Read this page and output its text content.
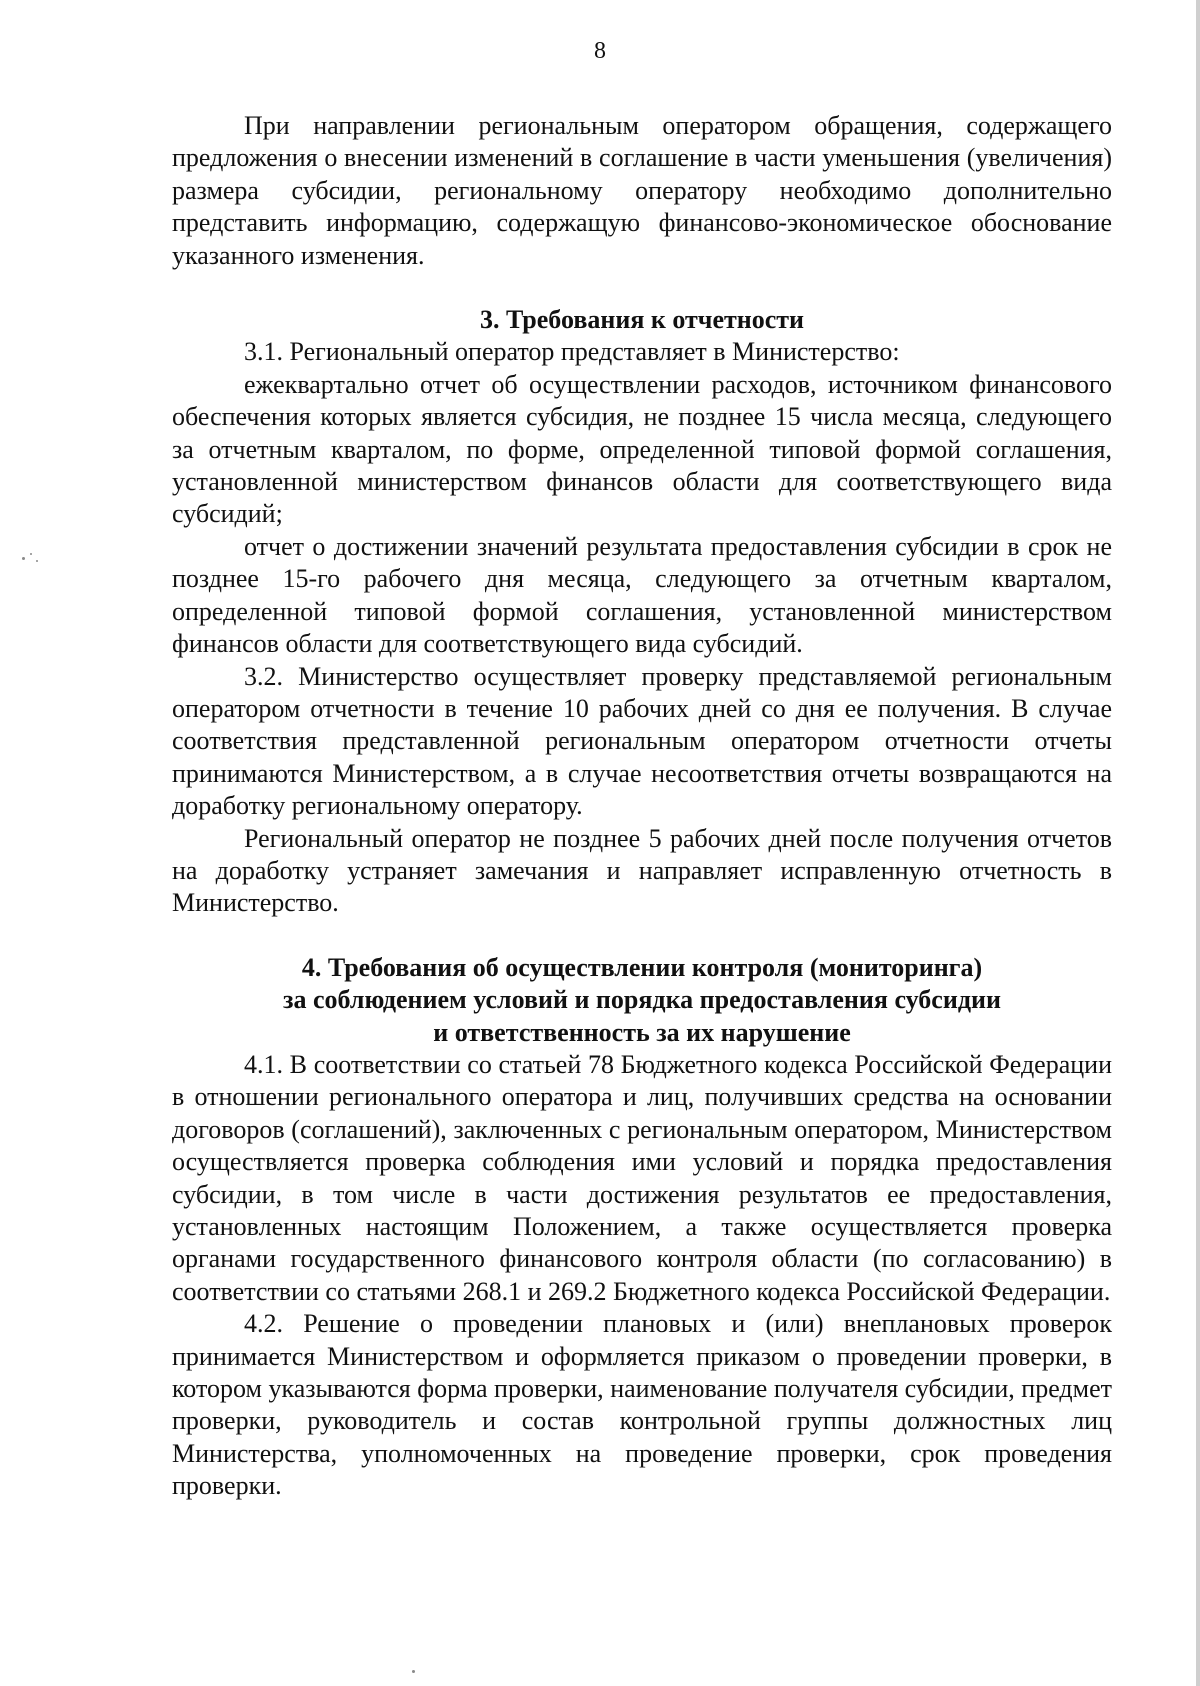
8

При направлении региональным оператором обращения, содержащего предложения о внесении изменений в соглашение в части уменьшения (увеличения) размера субсидии, региональному оператору необходимо дополнительно представить информацию, содержащую финансово-экономическое обоснование указанного изменения.

3. Требования к отчетности

3.1. Региональный оператор представляет в Министерство:

ежеквартально отчет об осуществлении расходов, источником финансового обеспечения которых является субсидия, не позднее 15 числа месяца, следующего за отчетным кварталом, по форме, определенной типовой формой соглашения, установленной министерством финансов области для соответствующего вида субсидий;

отчет о достижении значений результата предоставления субсидии в срок не позднее 15-го рабочего дня месяца, следующего за отчетным кварталом, определенной типовой формой соглашения, установленной министерством финансов области для соответствующего вида субсидий.

3.2. Министерство осуществляет проверку представляемой региональным оператором отчетности в течение 10 рабочих дней со дня ее получения. В случае соответствия представленной региональным оператором отчетности отчеты принимаются Министерством, а в случае несоответствия отчеты возвращаются на доработку региональному оператору.

Региональный оператор не позднее 5 рабочих дней после получения отчетов на доработку устраняет замечания и направляет исправленную отчетность в Министерство.

4. Требования об осуществлении контроля (мониторинга)
за соблюдением условий и порядка предоставления субсидии
и ответственность за их нарушение

4.1. В соответствии со статьей 78 Бюджетного кодекса Российской Федерации в отношении регионального оператора и лиц, получивших средства на основании договоров (соглашений), заключенных с региональным оператором, Министерством осуществляется проверка соблюдения ими условий и порядка предоставления субсидии, в том числе в части достижения результатов ее предоставления, установленных настоящим Положением, а также осуществляется проверка органами государственного финансового контроля области (по согласованию) в соответствии со статьями 268.1 и 269.2 Бюджетного кодекса Российской Федерации.

4.2. Решение о проведении плановых и (или) внеплановых проверок принимается Министерством и оформляется приказом о проведении проверки, в котором указываются форма проверки, наименование получателя субсидии, предмет проверки, руководитель и состав контрольной группы должностных лиц Министерства, уполномоченных на проведение проверки, срок проведения проверки.
